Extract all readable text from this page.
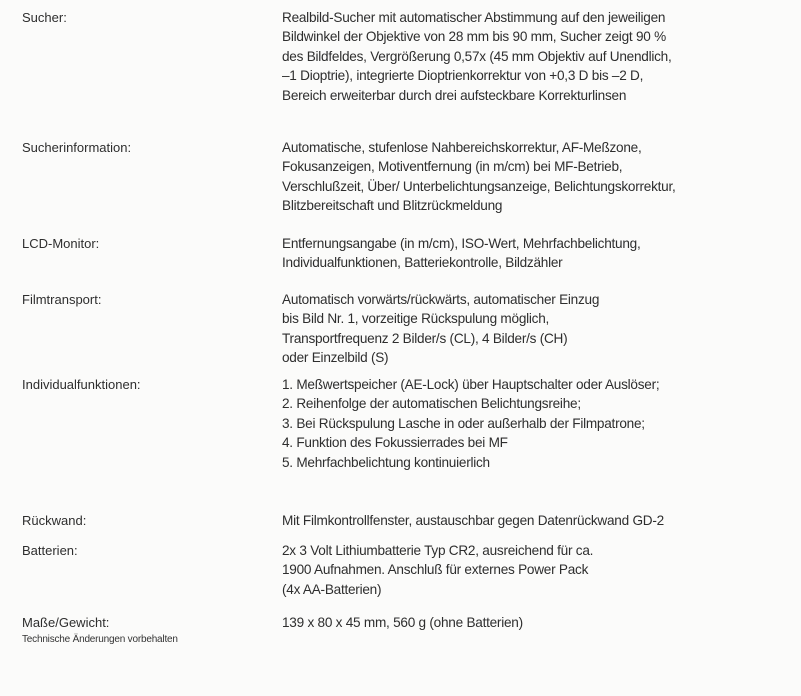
Sucher:	Realbild-Sucher mit automatischer Abstimmung auf den jeweiligen
Bildwinkel der Objektive von 28 mm bis 90 mm, Sucher zeigt 90 %
des Bildfeldes, Vergrößerung 0,57x (45 mm Objektiv auf Unendlich,
–1 Dioptrie), integrierte Dioptrienkorrektur von +0,3 D bis –2 D,
Bereich erweiterbar durch drei aufsteckbare Korrekturlinsen
Sucherinformation:	Automatische, stufenlose Nahbereichskorrektur, AF-Meßzone,
Fokusanzeigen, Motiventfernung (in m/cm) bei MF-Betrieb,
Verschlußzeit, Über/ Unterbelichtungsanzeige, Belichtungskorrektur,
Blitzbereitschaft und Blitzrückmeldung
LCD-Monitor:	Entfernungsangabe (in m/cm), ISO-Wert, Mehrfachbelichtung,
Individualfunktionen, Batteriekontrolle, Bildzähler
Filmtransport:	Automatisch vorwärts/rückwärts, automatischer Einzug
bis Bild Nr. 1, vorzeitige Rückspulung möglich,
Transportfrequenz 2 Bilder/s (CL), 4 Bilder/s (CH)
oder Einzelbild (S)
Individualfunktionen:	1. Meßwertspeicher (AE-Lock) über Hauptschalter oder Auslöser;
2. Reihenfolge der automatischen Belichtungsreihe;
3. Bei Rückspulung Lasche in oder außerhalb der Filmpatrone;
4. Funktion des Fokussierrades bei MF
5. Mehrfachbelichtung kontinuierlich
Rückwand:	Mit Filmkontrollfenster, austauschbar gegen Datenrückwand GD-2
Batterien:	2x 3 Volt Lithiumbatterie Typ CR2, ausreichend für ca.
1900 Aufnahmen. Anschluß für externes Power Pack
(4x AA-Batterien)
Maße/Gewicht:	139 x 80 x 45 mm, 560 g (ohne Batterien)
Technische Änderungen vorbehalten
